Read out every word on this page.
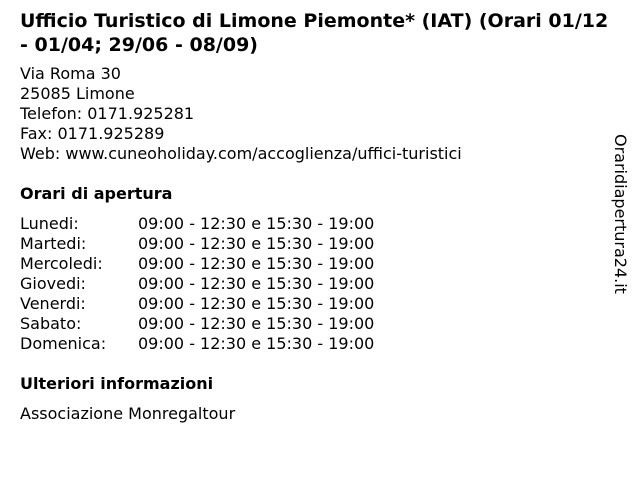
Ufficio Turistico di Limone Piemonte* (IAT) (Orari 01/12 - 01/04; 29/06 - 08/09)
Via Roma 30
25085 Limone
Telefon: 0171.925281
Fax: 0171.925289
Web: www.cuneoholiday.com/accoglienza/uffici-turistici
Orari di apertura
Lunedi:	09:00 - 12:30 e 15:30 - 19:00
Martedi:	09:00 - 12:30 e 15:30 - 19:00
Mercoledi: 09:00 - 12:30 e 15:30 - 19:00
Giovedi:	09:00 - 12:30 e 15:30 - 19:00
Venerdi:	09:00 - 12:30 e 15:30 - 19:00
Sabato:	09:00 - 12:30 e 15:30 - 19:00
Domenica: 09:00 - 12:30 e 15:30 - 19:00
Ulteriori informazioni
Associazione Monregaltour
Oraridiapertura24.it
